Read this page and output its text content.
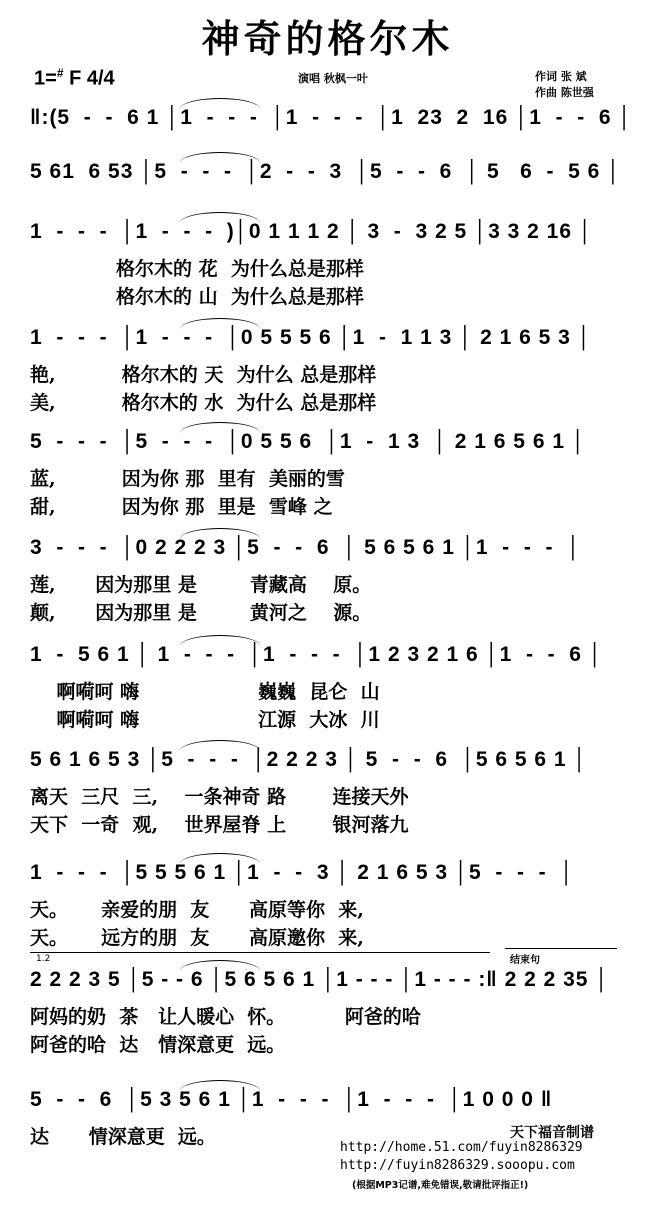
神奇的格尔木
1=# F 4/4	演唱 秋枫一叶	作词 张 斌
作曲 陈世强
‖:(5  -  -  6 1 │1  -  -  -  │1  -  -  -  │1  23  2  16 │1  -  -  6 │
5 61  6 53 │5  -  -  -  │2  -  -  3  │5  -  -  6  │ 5   6  -  5 6 │
1  -  -  -  │1  -  -  -  )│0 1 1 1 2 │ 3  -  3 2 5 │3 3 2 16 │
格尔木的 花  为什么总是那样
格尔木的 山  为什么总是那样
1  -  -  -  │1  -  -  -  │0 5 5 5 6 │1  -  1 1 3 │ 2 1 6 5 3 │
艳,          格尔木的 天  为什么 总是那样
美,          格尔木的 水  为什么 总是那样
5  -  -  -  │5  -  -  -  │0 5 5 6  │1  -  1 3  │ 2 1 6 5 6 1 │
蓝,          因为你 那  里有  美丽的雪
甜,          因为你 那  里是  雪峰 之
3  -  -  -  │0 2 2 2 3 │5  -  -  6  │ 5 6 5 6 1 │1  -  -  -  │
莲,      因为那里 是        青藏高    原。
颠,      因为那里 是        黄河之    源。
1  -  5 6 1 │ 1  -  -  -  │1  -  -  -  │1 2 3 2 1 6 │1  -  -  6 │
啊嗬呵 嗨                  巍巍  昆仑  山
啊嗬呵 嗨                  江源  大冰  川
5 6 1 6 5 3 │5  -  -  -  │2 2 2 3 │ 5  -  -  6  │5 6 5 6 1 │
离天  三尺  三,    一条神奇 路       连接天外
天下  一奇  观,    世界屋脊 上       银河落九
1  -  -  -  │5 5 5 6 1 │1  -  -  3 │ 2 1 6 5 3 │5  -  -  -  │
天。     亲爱的朋  友      高原等你  来,
天。     远方的朋  友      高原邀你  来,
2 2 2 3 5 │5 - - 6 │5 6 5 6 1 │1 - - - │1 - - - :‖ 2 2 2 35 │
阿妈的奶  茶   让人暖心  怀。         阿爸的哈
阿爸的哈  达   情深意更  远。
5  -  -  6  │5 3 5 6 1 │1  -  -  -  │1  -  -  -  │1 0 0 0 ‖
达      情深意更  远。
1.2	结束句
天下福音制谱
http://home.51.com/fuyin8286329
http://fuyin8286329.sooopu.com
(根据MP3记谱,难免错误,敬请批评指正!)
